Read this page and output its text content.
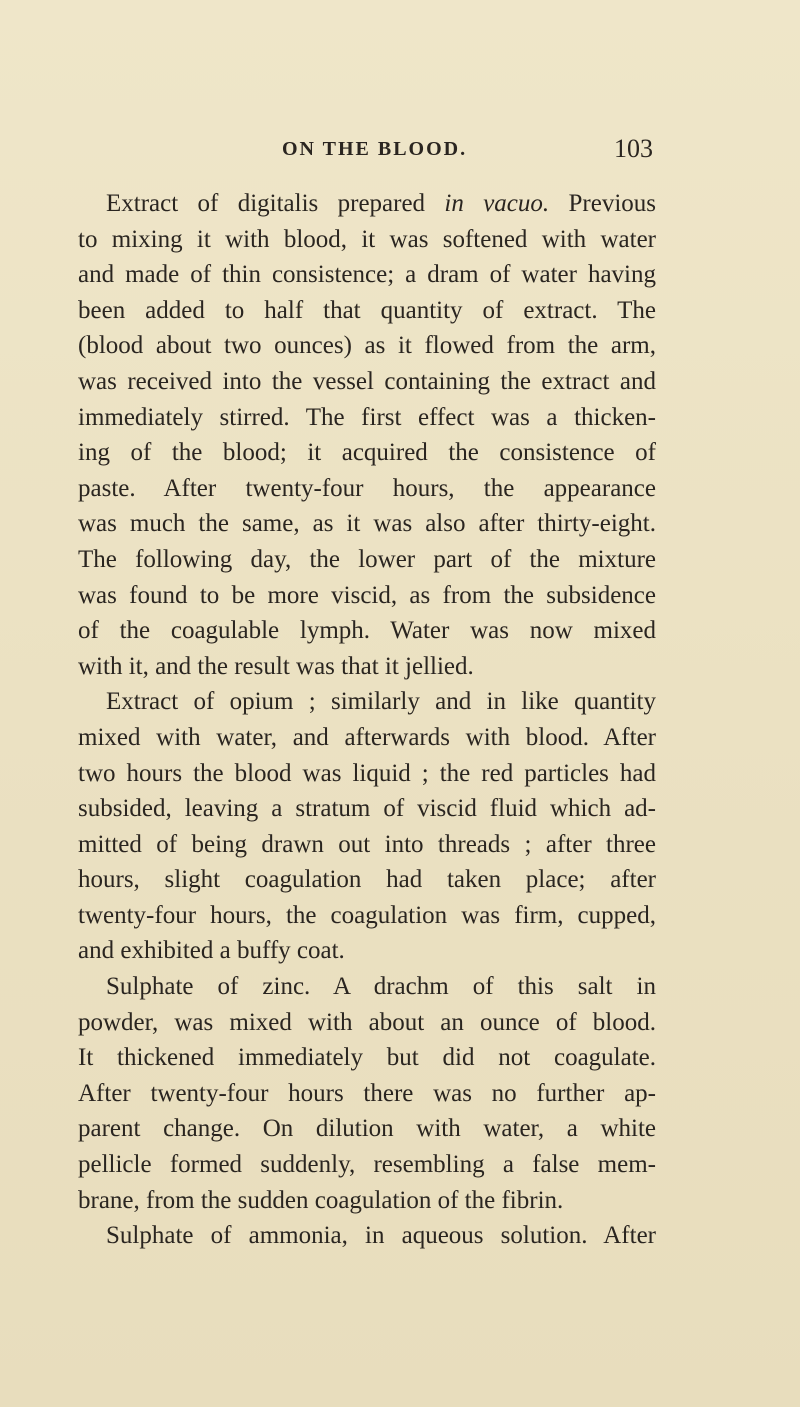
ON THE BLOOD.	103
Extract of digitalis prepared in vacuo. Previous
to mixing it with blood, it was softened with water
and made of thin consistence; a dram of water having
been added to half that quantity of extract. The
(blood about two ounces) as it flowed from the arm,
was received into the vessel containing the extract and
immediately stirred. The first effect was a thicken-
ing of the blood; it acquired the consistence of
paste. After twenty-four hours, the appearance
was much the same, as it was also after thirty-eight.
The following day, the lower part of the mixture
was found to be more viscid, as from the subsidence
of the coagulable lymph. Water was now mixed
with it, and the result was that it jellied.
Extract of opium ; similarly and in like quantity
mixed with water, and afterwards with blood. After
two hours the blood was liquid ; the red particles had
subsided, leaving a stratum of viscid fluid which ad-
mitted of being drawn out into threads ; after three
hours, slight coagulation had taken place; after
twenty-four hours, the coagulation was firm, cupped,
and exhibited a buffy coat.
Sulphate of zinc. A drachm of this salt in
powder, was mixed with about an ounce of blood.
It thickened immediately but did not coagulate.
After twenty-four hours there was no further ap-
parent change. On dilution with water, a white
pellicle formed suddenly, resembling a false mem-
brane, from the sudden coagulation of the fibrin.
Sulphate of ammonia, in aqueous solution. After
